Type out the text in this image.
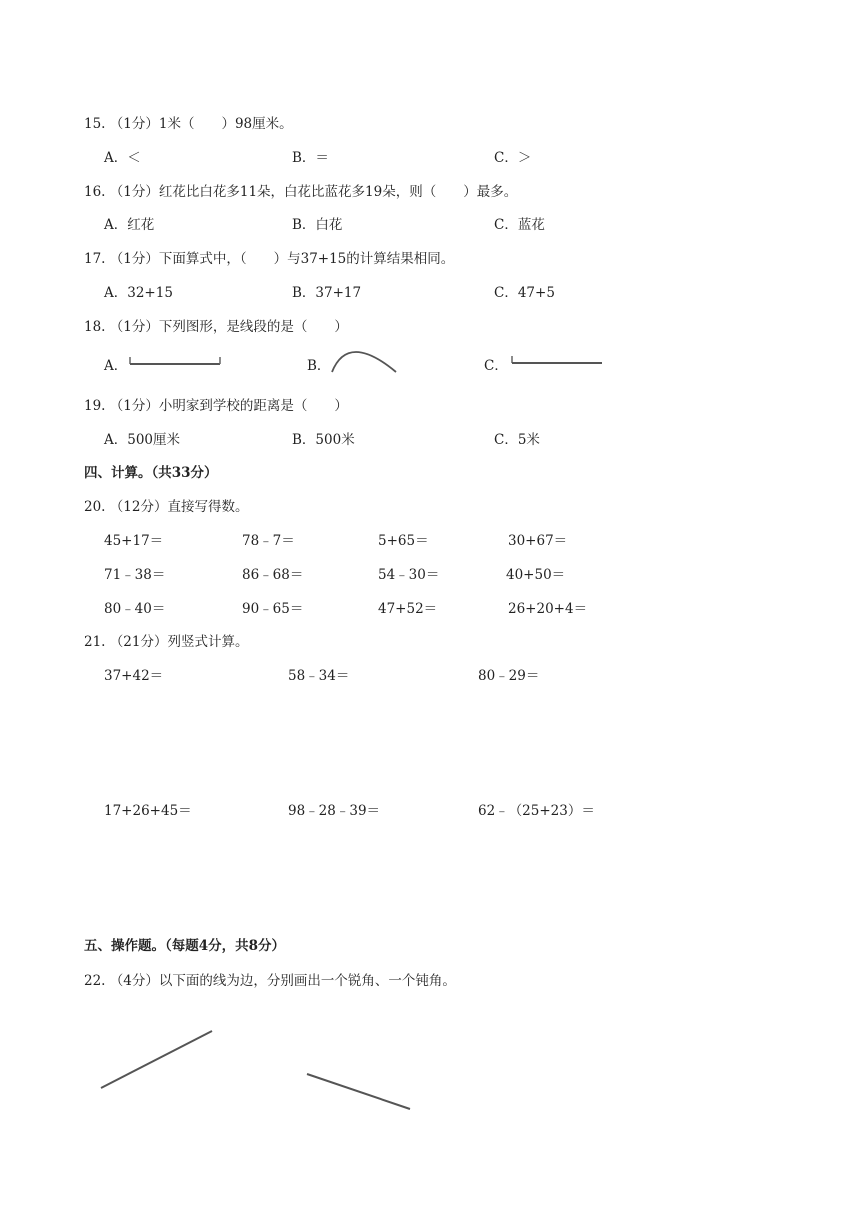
15. （1分）1米（　　）98厘米。
A．＜	B．＝	C．＞
16. （1分）红花比白花多11朵，白花比蓝花多19朵，则（　　）最多。
A．红花	B．白花	C．蓝花
17. （1分）下面算式中，（　　）与37+15的计算结果相同。
A．32+15	B．37+17	C．47+5
18. （1分）下列图形，是线段的是（　　）
A．	B．	C．
19. （1分）小明家到学校的距离是（　　）
A．500厘米	B．500米	C．5米
四、计算。（共33分）
20. （12分）直接写得数。
45+17＝	78﹣7＝	5+65＝	30+67＝
71﹣38＝	86﹣68＝	54﹣30＝	40+50＝
80﹣40＝	90﹣65＝	47+52＝	26+20+4＝
21. （21分）列竖式计算。
37+42＝	58﹣34＝	80﹣29＝
17+26+45＝	98﹣28﹣39＝	62﹣（25+23）＝
五、操作题。（每题4分，共8分）
22. （4分）以下面的线为边，分别画出一个锐角、一个钝角。
